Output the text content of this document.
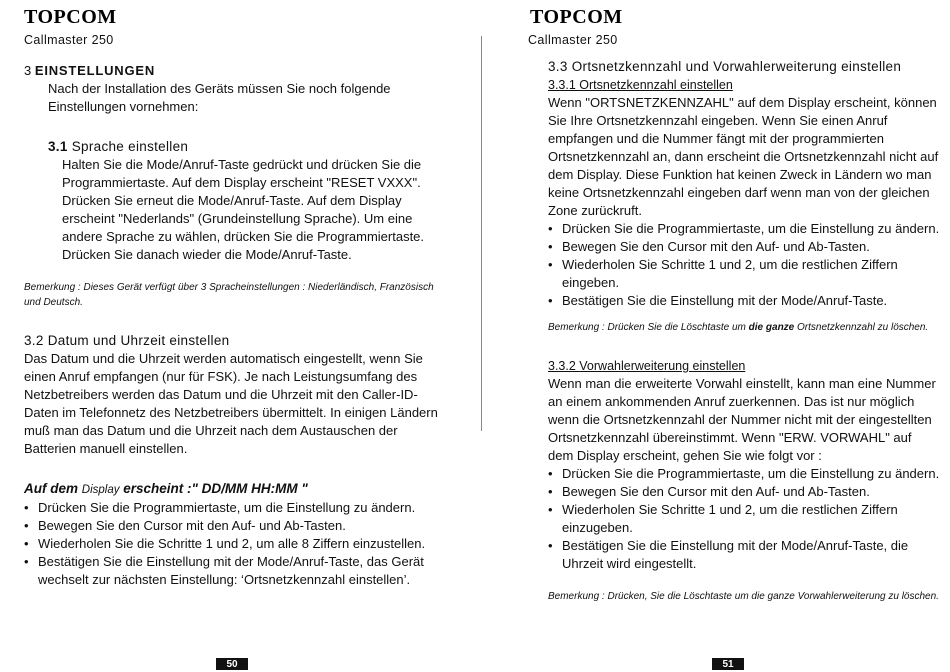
TOPCOM
Callmaster 250

3 EINSTELLUNGEN

Nach der Installation des Geräts müssen Sie noch folgende Einstellungen vornehmen:

3.1 Sprache einstellen

Halten Sie die Mode/Anruf-Taste gedrückt und drücken Sie die Programmiertaste. Auf dem Display erscheint "RESET VXXX". Drücken Sie erneut die Mode/Anruf-Taste. Auf dem Display erscheint "Nederlands" (Grundeinstellung Sprache). Um eine andere Sprache zu wählen, drücken Sie die Programmiertaste. Drücken Sie danach wieder die Mode/Anruf-Taste.

Bemerkung : Dieses Gerät verfügt über 3 Spracheinstellungen : Niederländisch, Französisch und Deutsch.

3.2 Datum und Uhrzeit einstellen

Das Datum und die Uhrzeit werden automatisch eingestellt, wenn Sie einen Anruf empfangen (nur für FSK). Je nach Leistungsumfang des Netzbetreibers werden das Datum und die Uhrzeit mit den Caller-ID-Daten im Telefonnetz des Netzbetreibers übermittelt. In einigen Ländern muß man das Datum und die Uhrzeit nach dem Austauschen der Batterien manuell einstellen.

Auf dem Display erscheint :" DD/MM HH:MM "

• Drücken Sie die Programmiertaste, um die Einstellung zu ändern.
• Bewegen Sie den Cursor mit den Auf- und Ab-Tasten.
• Wiederholen Sie die Schritte 1 und 2, um alle 8 Ziffern einzustellen.
• Bestätigen Sie die Einstellung mit der Mode/Anruf-Taste, das Gerät wechselt zur nächsten Einstellung: ‘Ortsnetzkennzahl einstellen’.
50
TOPCOM
Callmaster 250

3.3 Ortsnetzkennzahl und Vorwahlerweiterung einstellen

3.3.1 Ortsnetzkennzahl einstellen

Wenn "ORTSNETZKENNZAHL" auf dem Display erscheint, können Sie Ihre Ortsnetzkennzahl eingeben. Wenn Sie einen Anruf empfangen und die Nummer fängt mit der programmierten Ortsnetzkennzahl an, dann erscheint die Ortsnetzkennzahl nicht auf dem Display. Diese Funktion hat keinen Zweck in Ländern wo man keine Ortsnetzkennzahl eingeben darf wenn man von der gleichen Zone zurückruft.

• Drücken Sie die Programmiertaste, um die Einstellung zu ändern.
• Bewegen Sie den Cursor mit den Auf- und Ab-Tasten.
• Wiederholen Sie Schritte 1 und 2, um die restlichen Ziffern eingeben.
• Bestätigen Sie die Einstellung mit der Mode/Anruf-Taste.

Bemerkung : Drücken Sie die Löschtaste um die ganze Ortsnetzkennzahl zu löschen.

3.3.2 Vorwahlerweiterung einstellen

Wenn man die erweiterte Vorwahl einstellt, kann man eine Nummer an einem ankommenden Anruf zuerkennen. Das ist nur möglich wenn die Ortsnetzkennzahl der Nummer nicht mit der eingestellten Ortsnetzkennzahl übereinstimmt. Wenn "ERW. VORWAHL" auf dem Display erscheint, gehen Sie wie folgt vor :

• Drücken Sie die Programmiertaste, um die Einstellung zu ändern.
• Bewegen Sie den Cursor mit den Auf- und Ab-Tasten.
• Wiederholen Sie Schritte 1 und 2, um die restlichen Ziffern einzugeben.
• Bestätigen Sie die Einstellung mit der Mode/Anruf-Taste, die Uhrzeit wird eingestellt.

Bemerkung : Drücken, Sie die Löschtaste um die ganze Vorwahlerweiterung zu löschen.

51
